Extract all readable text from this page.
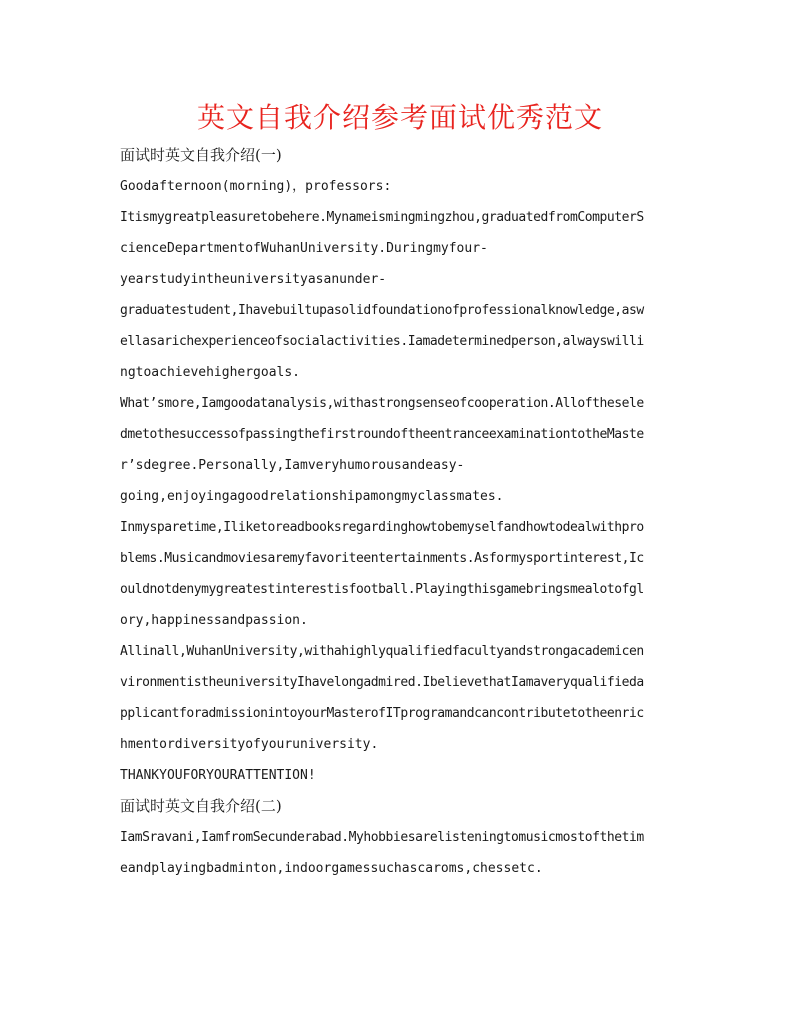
英文自我介绍参考面试优秀范文
面试时英文自我介绍(一)
Goodafternoon(morning)，professors:
Itismygreatpleasuretobehere.Mynameismingmingzhou,graduatedfromComputerS
cienceDepartmentofWuhanUniversity.Duringmyfour-
yearstudyintheuniversityasanunder-
graduatestudent,Ihavebuiltupasolidfoundationofprofessionalknowledge,asw
ellasarichexperienceofsocialactivities.Iamadeterminedperson,alwayswilli
ngtoachievehighergoals.
What’smore,Iamgoodatanalysis,withastrongsenseofcooperation.Alloftheselе
dmetothesuccessofpassingthefirstroundoftheentranceexaminationtotheMaste
r’sdegree.Personally,Iamveryhumorousandeasy-
going,enjoyingagoodrelationshipamongmyclassmates.
Inmysparetime,Iliketoreadbooksregardinghowtobemyselfandhowtodealwithpro
blems.Musicandmoviesaremyfavoriteentertainments.Asformysportinterest,Ic
ouldnotdenymygreatestinterestisfootball.Playingthisgamebringsmealotofgl
ory,happinessandpassion.
Allinall,WuhanUniversity,withahighlyqualifiedfacultyandstrongacademicen
vironmentistheuniversityIhavelongadmired.IbelievethatIamaveryqualifieda
pplicantforadmissionintoyourMasterofITprogramandcancontributetotheenric
hmentordiversityofyouruniversity.
THANKYOUFORYOURATTENTION!
面试时英文自我介绍(二)
IamSravani,IamfromSecunderabad.Myhobbiesarelisteningtomusicmostofthetim
eandplayingbadminton,indoorgamessuchascaroms,chessetc.
